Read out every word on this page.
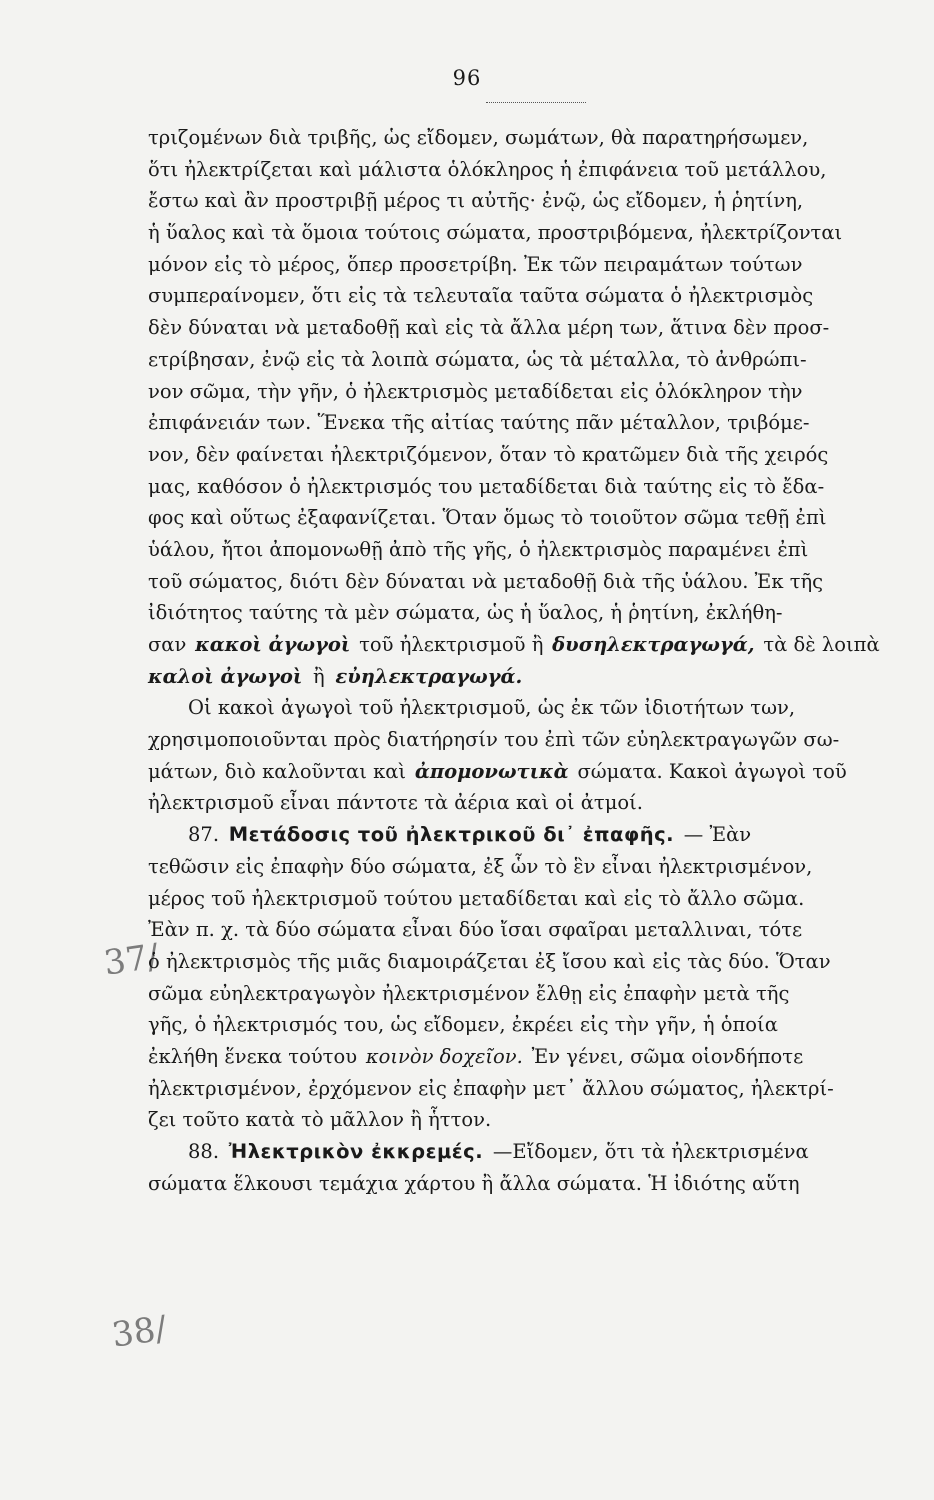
96
37/
38/
τριζομένων διὰ τριβῆς, ὡς εἴδομεν, σωμάτων, θὰ παρατηρήσωμεν,
ὅτι ἠλεκτρίζεται καὶ μάλιστα ὁλόκληρος ἡ ἐπιφάνεια τοῦ μετάλλου,
ἔστω καὶ ἂν προστριβῇ μέρος τι αὐτῆς· ἐνῷ, ὡς εἴδομεν, ἡ ῥητίνη,
ἡ ὕαλος καὶ τὰ ὅμοια τούτοις σώματα, προστριβόμενα, ἠλεκτρίζονται
μόνον εἰς τὸ μέρος, ὅπερ προσετρίβη. Ἐκ τῶν πειραμάτων τούτων
συμπεραίνομεν, ὅτι εἰς τὰ τελευταῖα ταῦτα σώματα ὁ ἠλεκτρισμὸς
δὲν δύναται νὰ μεταδοθῇ καὶ εἰς τὰ ἄλλα μέρη των, ἅτινα δὲν προσ-
ετρίβησαν, ἐνῷ εἰς τὰ λοιπὰ σώματα, ὡς τὰ μέταλλα, τὸ ἀνθρώπι-
νον σῶμα, τὴν γῆν, ὁ ἠλεκτρισμὸς μεταδίδεται εἰς ὁλόκληρον τὴν
ἐπιφάνειάν των. Ἕνεκα τῆς αἰτίας ταύτης πᾶν μέταλλον, τριβόμε-
νον, δὲν φαίνεται ἠλεκτριζόμενον, ὅταν τὸ κρατῶμεν διὰ τῆς χειρός
μας, καθόσον ὁ ἠλεκτρισμός του μεταδίδεται διὰ ταύτης εἰς τὸ ἔδα-
φος καὶ οὕτως ἐξαφανίζεται. Ὅταν ὅμως τὸ τοιοῦτον σῶμα τεθῇ ἐπὶ
ὑάλου, ἤτοι ἀπομονωθῇ ἀπὸ τῆς γῆς, ὁ ἠλεκτρισμὸς παραμένει ἐπὶ
τοῦ σώματος, διότι δὲν δύναται νὰ μεταδοθῇ διὰ τῆς ὑάλου. Ἐκ τῆς
ἰδιότητος ταύτης τὰ μὲν σώματα, ὡς ἡ ὕαλος, ἡ ῥητίνη, ἐκλήθη-
σαν κακοὶ ἀγωγοὶ τοῦ ἠλεκτρισμοῦ ἢ δυσηλεκτραγωγά, τὰ δὲ λοιπὰ
καλοὶ ἀγωγοὶ ἢ εὐηλεκτραγωγά.
Οἱ κακοὶ ἀγωγοὶ τοῦ ἠλεκτρισμοῦ, ὡς ἐκ τῶν ἰδιοτήτων των,
χρησιμοποιοῦνται πρὸς διατήρησίν του ἐπὶ τῶν εὐηλεκτραγωγῶν σω-
μάτων, διὸ καλοῦνται καὶ ἀπομονωτικὰ σώματα. Κακοὶ ἀγωγοὶ τοῦ
ἠλεκτρισμοῦ εἶναι πάντοτε τὰ ἀέρια καὶ οἱ ἀτμοί.
87. Μετάδοσις τοῦ ἠλεκτρικοῦ δι᾽ ἐπαφῆς. — Ἐὰν
τεθῶσιν εἰς ἐπαφὴν δύο σώματα, ἐξ ὧν τὸ ἓν εἶναι ἠλεκτρισμένον,
μέρος τοῦ ἠλεκτρισμοῦ τούτου μεταδίδεται καὶ εἰς τὸ ἄλλο σῶμα.
Ἐὰν π. χ. τὰ δύο σώματα εἶναι δύο ἴσαι σφαῖραι μεταλλιναι, τότε
ὁ ἠλεκτρισμὸς τῆς μιᾶς διαμοιράζεται ἐξ ἴσου καὶ εἰς τὰς δύο. Ὅταν
σῶμα εὐηλεκτραγωγὸν ἠλεκτρισμένον ἔλθῃ εἰς ἐπαφὴν μετὰ τῆς
γῆς, ὁ ἠλεκτρισμός του, ὡς εἴδομεν, ἐκρέει εἰς τὴν γῆν, ἡ ὁποία
ἐκλήθη ἕνεκα τούτου κοινὸν δοχεῖον. Ἐν γένει, σῶμα οἱονδήποτε
ἠλεκτρισμένον, ἐρχόμενον εἰς ἐπαφὴν μετ᾽ ἄλλου σώματος, ἠλεκτρί-
ζει τοῦτο κατὰ τὸ μᾶλλον ἢ ἧττον.
88. Ἠλεκτρικὸν ἐκκρεμές. —Εἴδομεν, ὅτι τὰ ἠλεκτρισμένα
σώματα ἕλκουσι τεμάχια χάρτου ἢ ἄλλα σώματα. Ἡ ἰδιότης αὕτη
